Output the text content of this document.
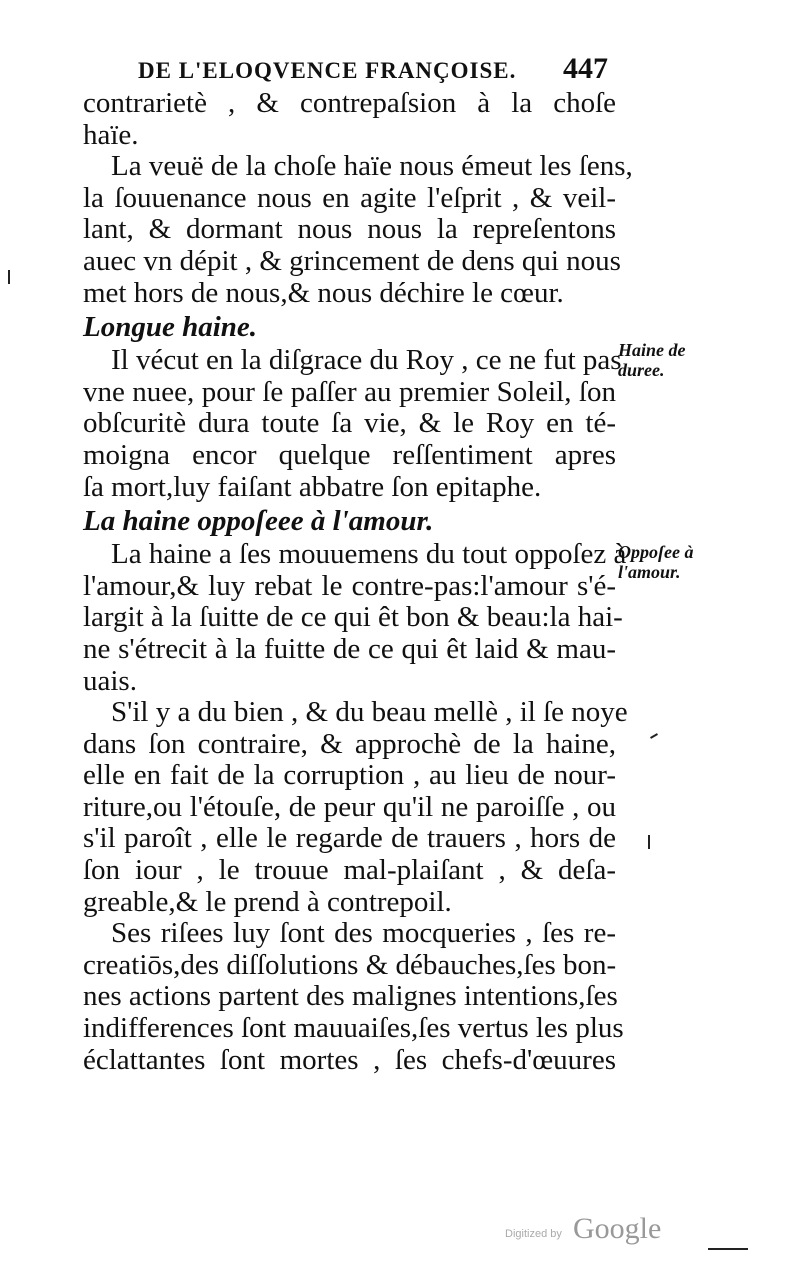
DE L'ELOQVENCE FRANÇOISE. 447
contrarietè , & contrepaſsion à la choſe
haïe.
La veuë de la choſe haïe nous émeut les ſens,
la ſouuenance nous en agite l'eſprit , & veil-
lant, & dormant nous nous la repreſentons
auec vn dépit , & grincement de dens qui nous
met hors de nous,& nous déchire le cœur.
Longue haine.
Il vécut en la diſgrace du Roy , ce ne fut pas
vne nuee, pour ſe paſſer au premier Soleil, ſon
obſcuritè dura toute ſa vie, & le Roy en té-
moigna encor quelque reſſentiment apres
ſa mort,luy faiſant abbatre ſon epitaphe.
La haine oppoſeee à l'amour.
La haine a ſes mouuemens du tout oppoſez à
l'amour,& luy rebat le contre-pas:l'amour s'é-
largit à la ſuitte de ce qui êt bon & beau:la hai-
ne s'étrecit à la fuitte de ce qui êt laid & mau-
uais.
S'il y a du bien , & du beau mellè , il ſe noye
dans ſon contraire, & approchè de la haine,
elle en fait de la corruption , au lieu de nour-
riture,ou l'étouſe, de peur qu'il ne paroiſſe , ou
s'il paroît , elle le regarde de trauers , hors de
ſon iour , le trouue mal-plaiſant , & deſa-
greable,& le prend à contrepoil.
Ses riſees luy ſont des mocqueries , ſes re-
creatiōs,des diſſolutions & débauches,ſes bon-
nes actions partent des malignes intentions,ſes
indifferences ſont mauuaiſes,ſes vertus les plus
éclattantes ſont mortes , ſes chefs-d'œuures
Haine de
duree.
Oppoſee à
l'amour.
Digitized by Google
